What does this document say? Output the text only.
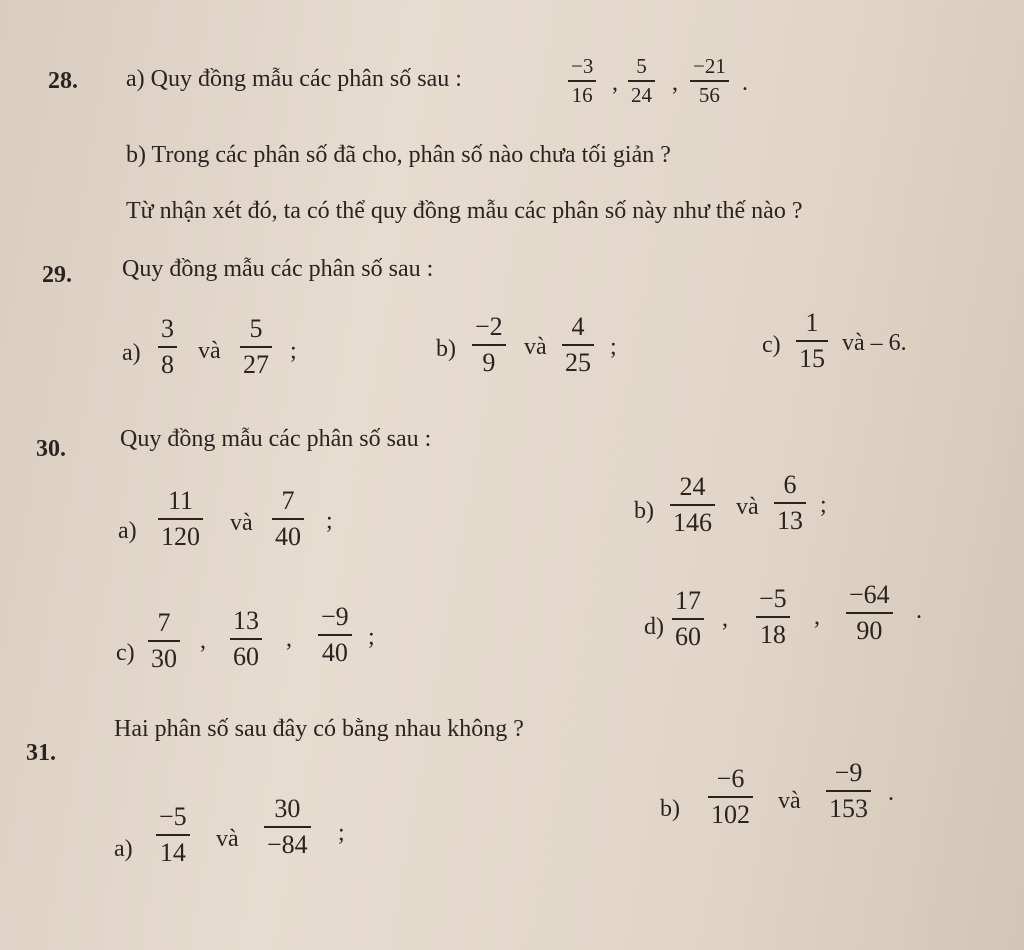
28. a) Quy đồng mẫu các phân số sau :	−3
16 ,
5
24 ,
−21
56 .
b) Trong các phân số đã cho, phân số nào chưa tối giản ?
Từ nhận xét đó, ta có thể quy đồng mẫu các phân số này như thế nào ?
29. Quy đồng mẫu các phân số sau :
a)
3
8 và
5
27 ;	b)
−2
9
và
4
25
;	c)
1
15
và – 6.
30. Quy đồng mẫu các phân số sau :
a)
11
120 và
7
40
;	b)
24
146
và
6
13
;
c)
7
30
,
13
60
,
−9
40
;	d)
17
60
,
−5
18
,
−64
90
.
31.
Hai phân số sau đây có bằng nhau không ?
a)
−5
14 và
30
−84 ;
b)
−6
102 và
−9
153
.
